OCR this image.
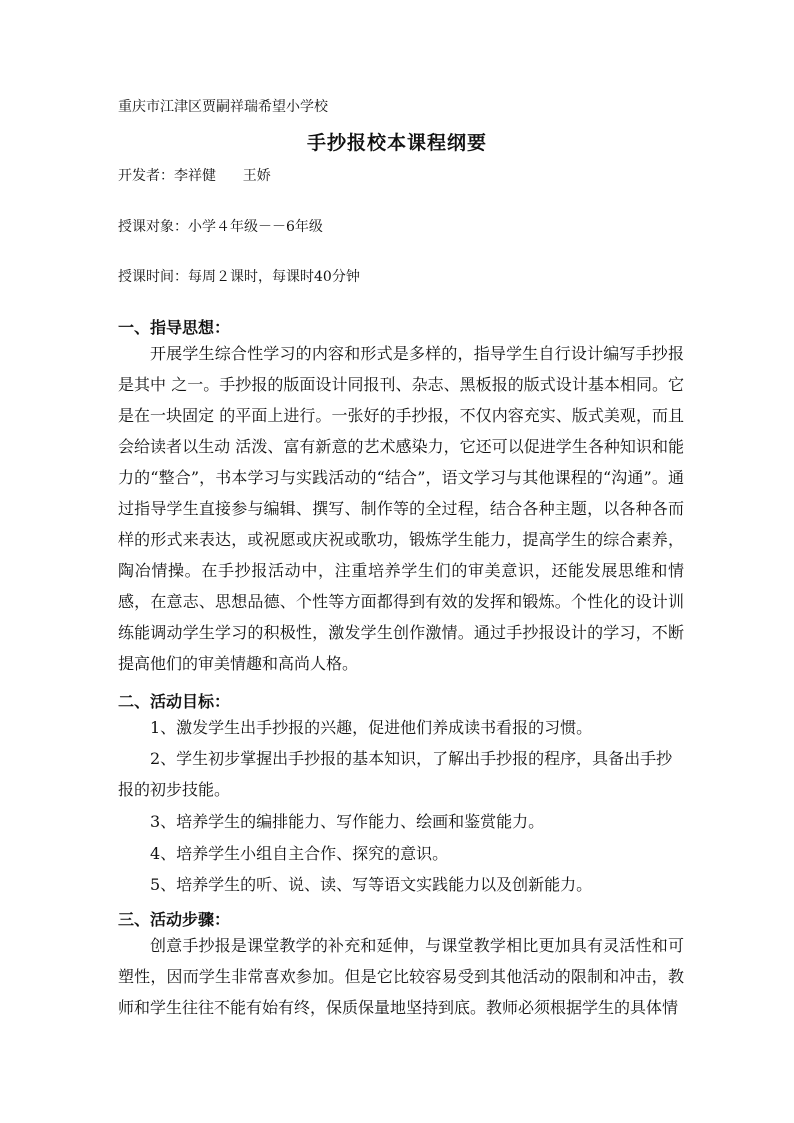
重庆市江津区贾嗣祥瑞希望小学校
手抄报校本课程纲要
开发者：李祥健      王娇
授课对象：小学４年级－－6年级
授课时间：每周２课时，每课时40分钟
一、指导思想：

开展学生综合性学习的内容和形式是多样的，指导学生自行设计编写手抄报是其中 之一。手抄报的版面设计同报刊、杂志、黑板报的版式设计基本相同。它是在一块固定 的平面上进行。一张好的手抄报，不仅内容充实、版式美观，而且会给读者以生动 活泼、富有新意的艺术感染力，它还可以促进学生各种知识和能力的“整合”，书本学习与实践活动的“结合”，语文学习与其他课程的“沟通”。通过指导学生直接参与编辑、撰写、制作等的全过程，结合各种主题，以各种各而样的形式来表达，或祝愿或庆祝或歌功，锻炼学生能力，提高学生的综合素养，陶冶情操。在手抄报活动中，注重培养学生们的审美意识，还能发展思维和情感，在意志、思想品德、个性等方面都得到有效的发挥和锻炼。个性化的设计训练能调动学生学习的积极性，激发学生创作激情。通过手抄报设计的学习，不断提高他们的审美情趣和高尚人格。

二、活动目标：

1、激发学生出手抄报的兴趣，促进他们养成读书看报的习惯。

2、学生初步掌握出手抄报的基本知识，了解出手抄报的程序，具备出手抄报的初步技能。

3、培养学生的编排能力、写作能力、绘画和鉴赏能力。

4、培养学生小组自主合作、探究的意识。

5、培养学生的听、说、读、写等语文实践能力以及创新能力。

三、活动步骤：

创意手抄报是课堂教学的补充和延伸，与课堂教学相比更加具有灵活性和可塑性，因而学生非常喜欢参加。但是它比较容易受到其他活动的限制和冲击，教师和学生往往不能有始有终，保质保量地坚持到底。教师必须根据学生的具体情
